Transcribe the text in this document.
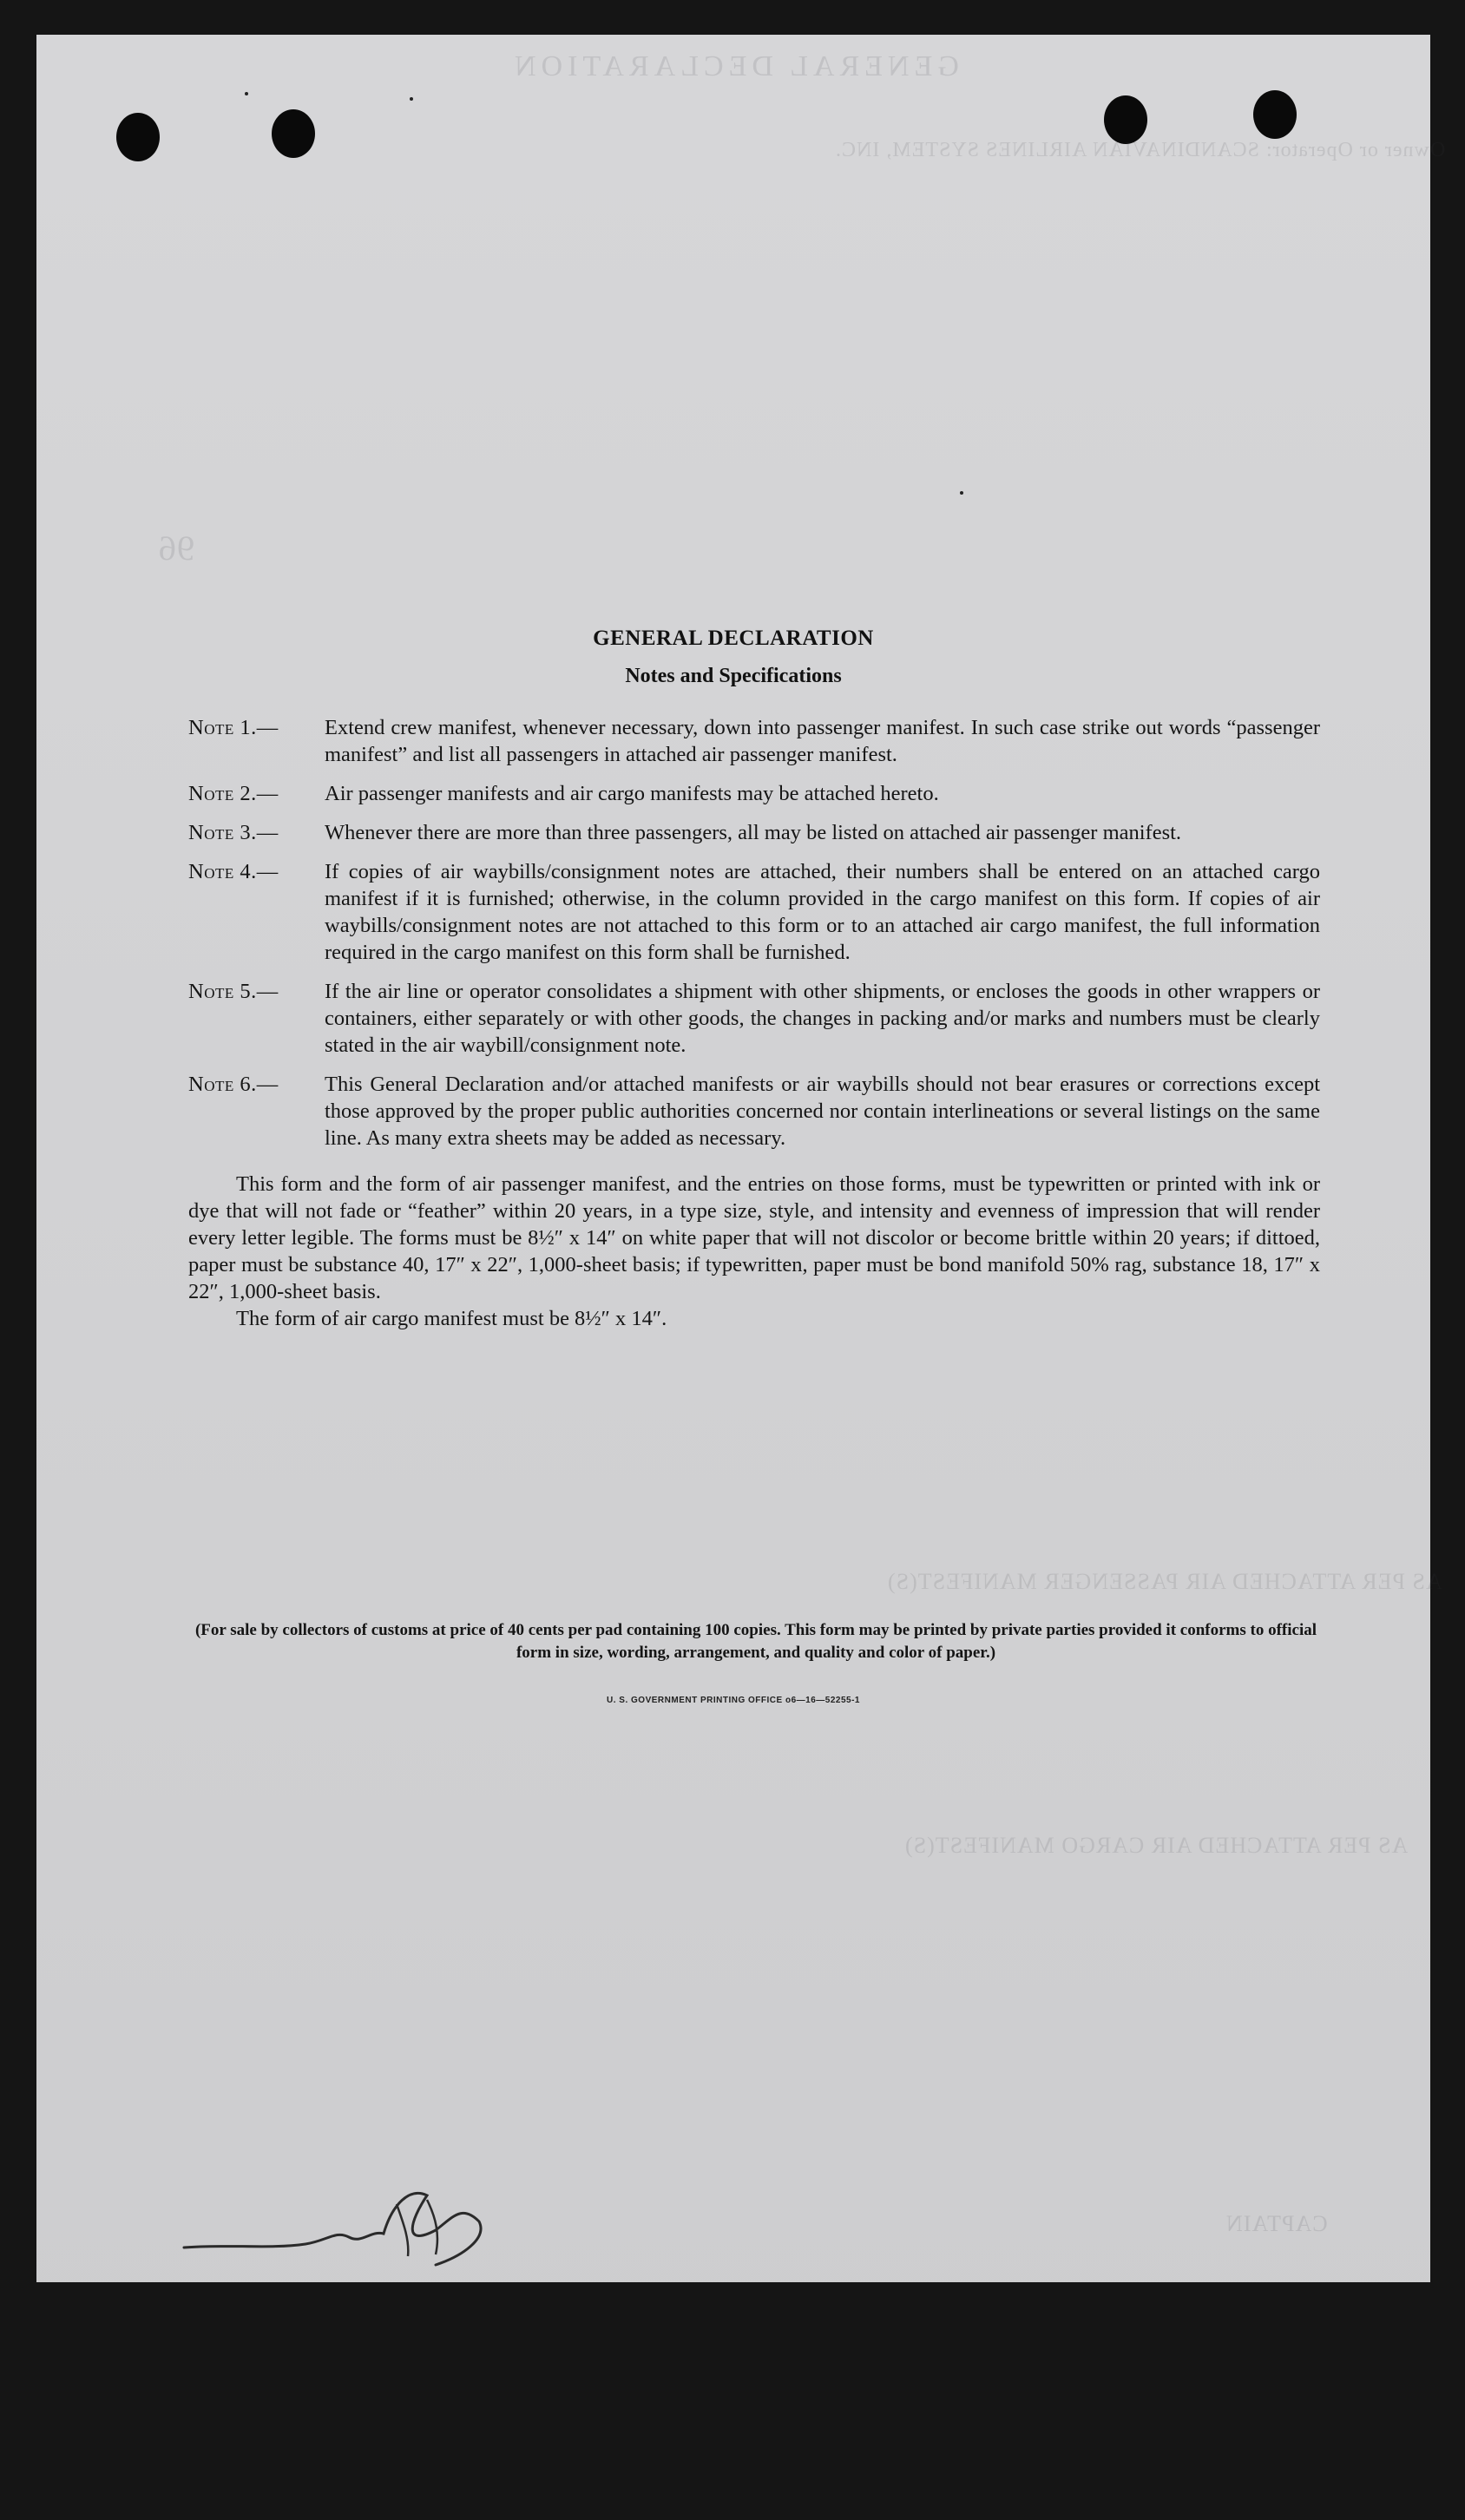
GENERAL DECLARATION
Owner or Operator: SCANDINAVIAN AIRLINES SYSTEM, INC.
96
AS PER ATTACHED AIR PASSENGER MANIFEST(S)
AS PER ATTACHED AIR CARGO MANIFEST(S)
CAPTAIN
GENERAL DECLARATION
Notes and Specifications
Note 1.— Extend crew manifest, whenever necessary, down into passenger manifest. In such case strike out words “passenger manifest” and list all passengers in attached air passenger manifest.
Note 2.— Air passenger manifests and air cargo manifests may be attached hereto.
Note 3.— Whenever there are more than three passengers, all may be listed on attached air passenger manifest.
Note 4.— If copies of air waybills/consignment notes are attached, their numbers shall be entered on an attached cargo manifest if it is furnished; otherwise, in the column provided in the cargo manifest on this form. If copies of air waybills/consignment notes are not attached to this form or to an attached air cargo manifest, the full information required in the cargo manifest on this form shall be furnished.
Note 5.— If the air line or operator consolidates a shipment with other shipments, or encloses the goods in other wrappers or containers, either separately or with other goods, the changes in packing and/or marks and numbers must be clearly stated in the air waybill/consignment note.
Note 6.— This General Declaration and/or attached manifests or air waybills should not bear erasures or corrections except those approved by the proper public authorities concerned nor contain interlineations or several listings on the same line. As many extra sheets may be added as necessary.

This form and the form of air passenger manifest, and the entries on those forms, must be typewritten or printed with ink or dye that will not fade or “feather” within 20 years, in a type size, style, and intensity and evenness of impression that will render every letter legible. The forms must be 8½″ x 14″ on white paper that will not discolor or become brittle within 20 years; if dittoed, paper must be substance 40, 17″ x 22″, 1,000-sheet basis; if typewritten, paper must be bond manifold 50% rag, substance 18, 17″ x 22″, 1,000-sheet basis.

The form of air cargo manifest must be 8½″ x 14″.

(For sale by collectors of customs at price of 40 cents per pad containing 100 copies. This form may be printed by private parties provided it conforms to official form in size, wording, arrangement, and quality and color of paper.)
U. S. GOVERNMENT PRINTING OFFICE o6—16—52255-1
